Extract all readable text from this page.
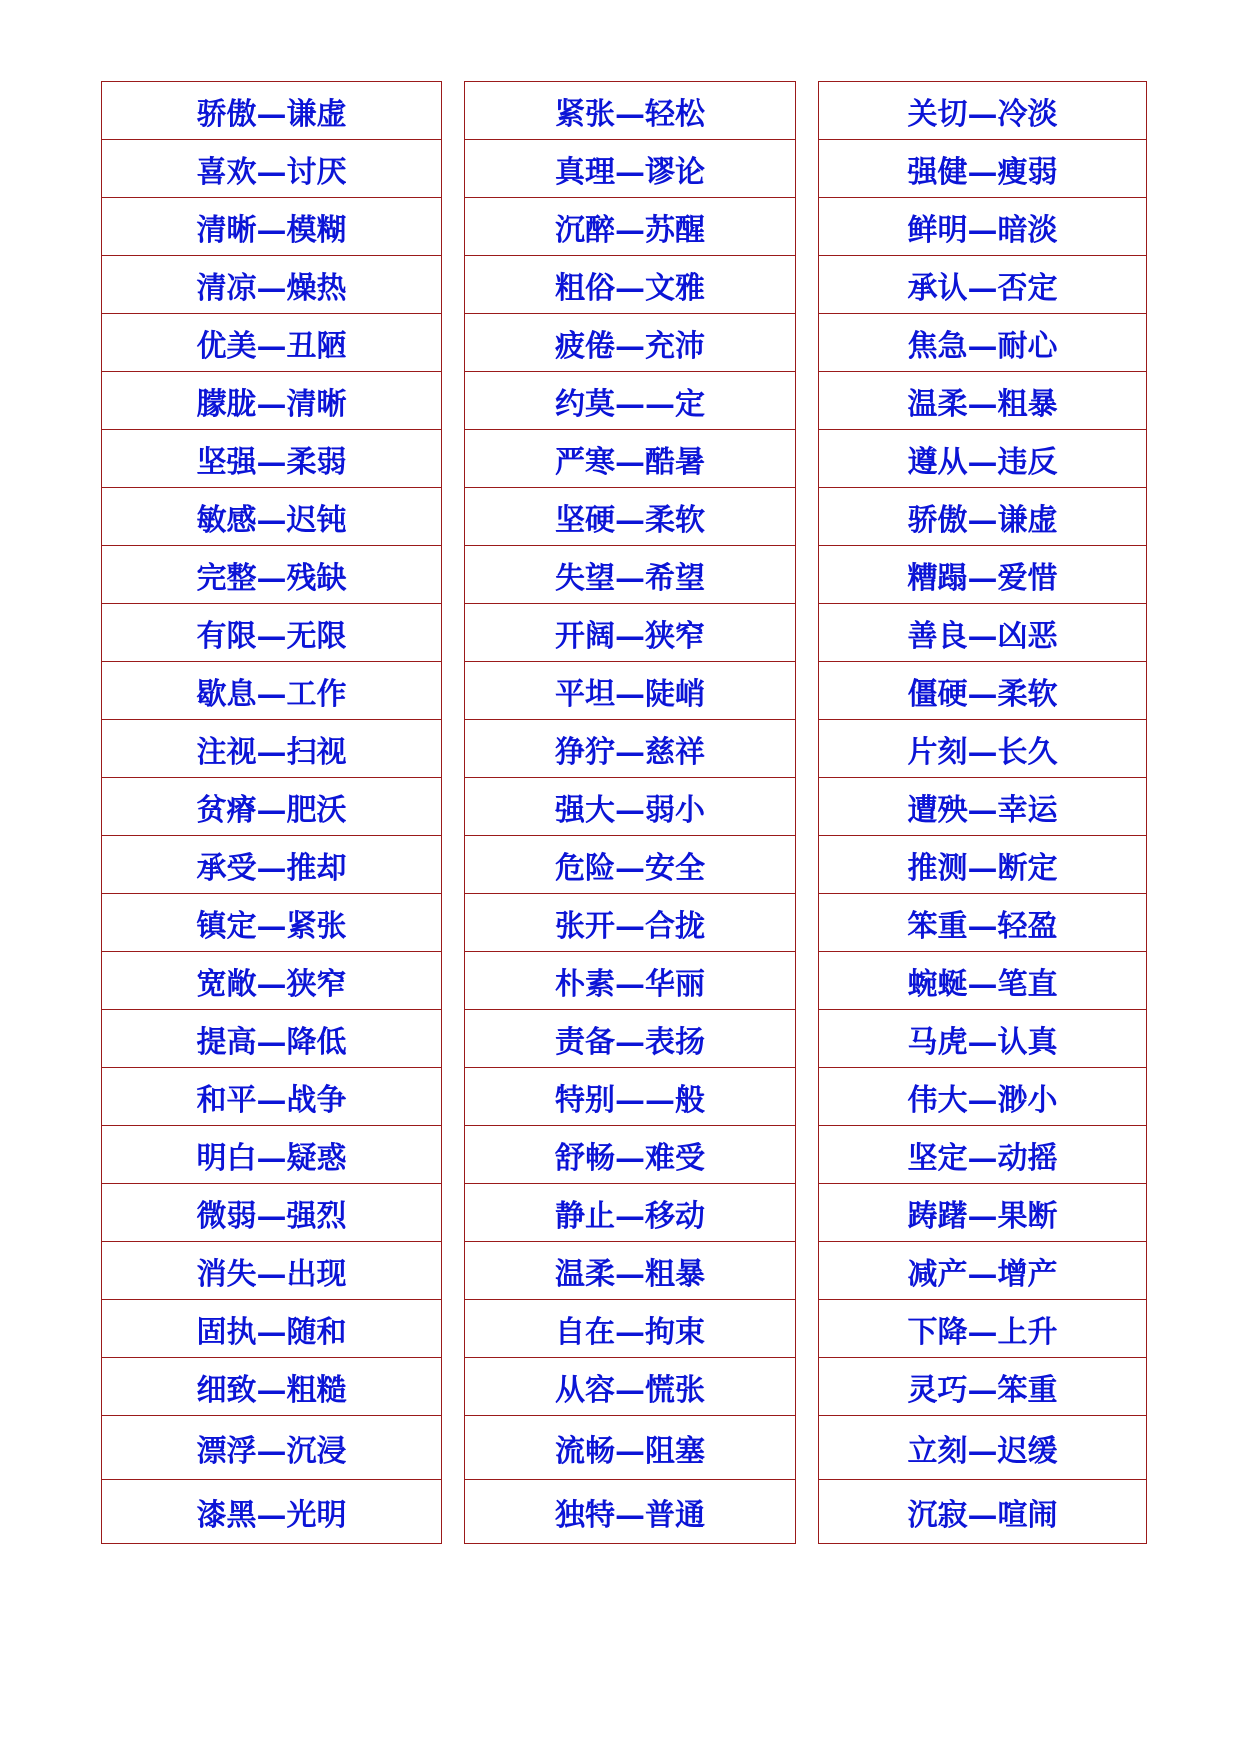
骄傲—谦虚		紧张—轻松		关切—冷淡
喜欢—讨厌		真理—谬论		强健—瘦弱
清晰—模糊		沉醉—苏醒		鲜明—暗淡
清凉—燥热		粗俗—文雅		承认—否定
优美—丑陋		疲倦—充沛		焦急—耐心
朦胧—清晰		约莫——定		温柔—粗暴
坚强—柔弱		严寒—酷暑		遵从—违反
敏感—迟钝		坚硬—柔软		骄傲—谦虚
完整—残缺		失望—希望		糟蹋—爱惜
有限—无限		开阔—狭窄		善良—凶恶
歇息—工作		平坦—陡峭		僵硬—柔软
注视—扫视		狰狞—慈祥		片刻—长久
贫瘠—肥沃		强大—弱小		遭殃—幸运
承受—推却		危险—安全		推测—断定
镇定—紧张		张开—合拢		笨重—轻盈
宽敞—狭窄		朴素—华丽		蜿蜒—笔直
提高—降低		责备—表扬		马虎—认真
和平—战争		特别——般		伟大—渺小
明白—疑惑		舒畅—难受		坚定—动摇
微弱—强烈		静止—移动		踌躇—果断
消失—出现		温柔—粗暴		减产—增产
固执—随和		自在—拘束		下降—上升
细致—粗糙		从容—慌张		灵巧—笨重
漂浮—沉浸		流畅—阻塞		立刻—迟缓
漆黑—光明		独特—普通		沉寂—喧闹
